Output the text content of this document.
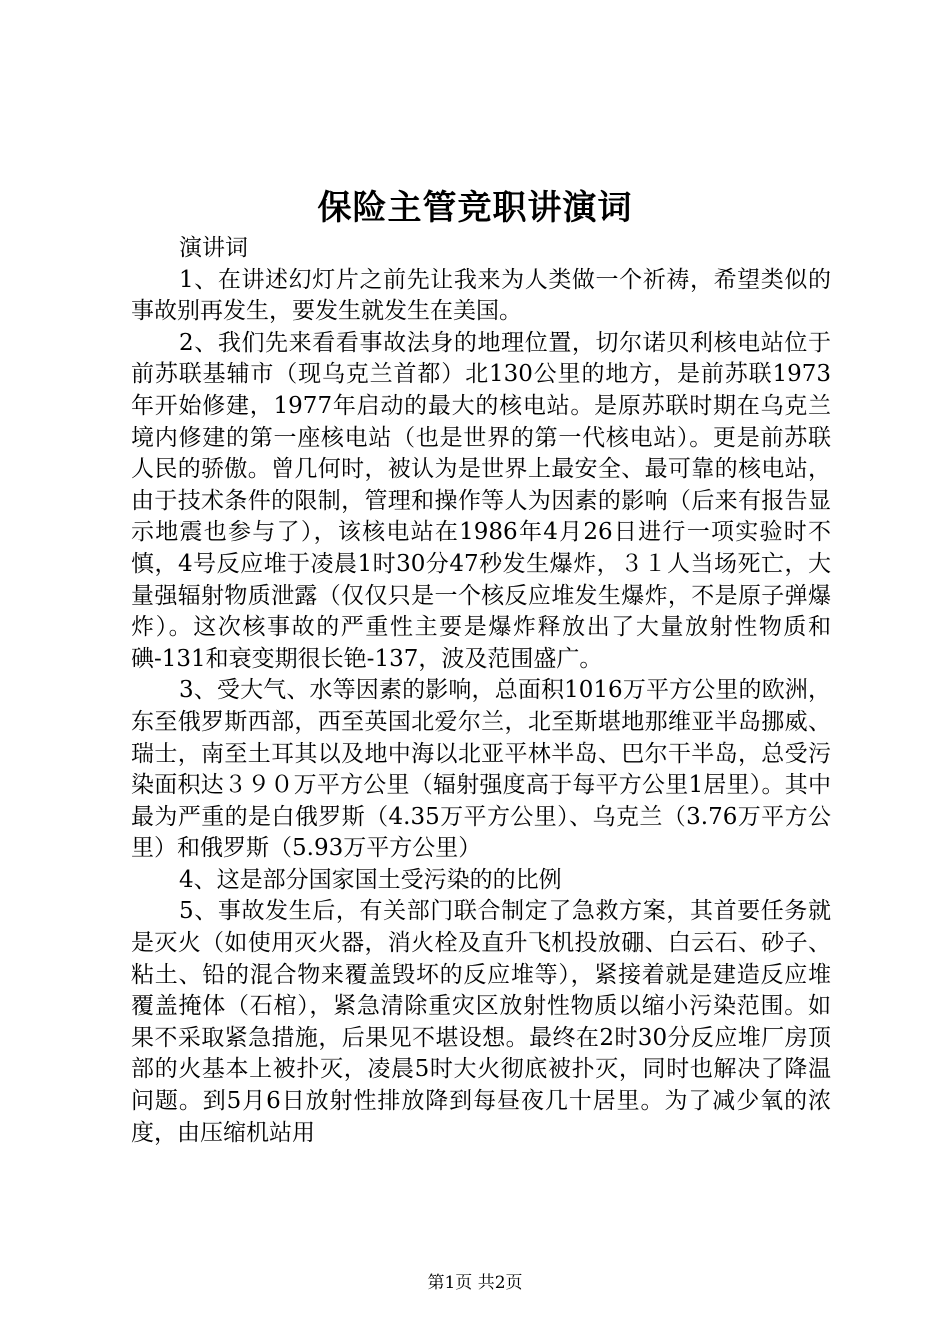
保险主管竞职讲演词

演讲词

1、在讲述幻灯片之前先让我来为人类做一个祈祷，希望类似的事故别再发生，要发生就发生在美国。

2、我们先来看看事故法身的地理位置，切尔诺贝利核电站位于前苏联基辅市（现乌克兰首都）北130公里的地方，是前苏联1973年开始修建，1977年启动的最大的核电站。是原苏联时期在乌克兰境内修建的第一座核电站（也是世界的第一代核电站）。更是前苏联人民的骄傲。曾几何时，被认为是世界上最安全、最可靠的核电站，由于技术条件的限制，管理和操作等人为因素的影响（后来有报告显示地震也参与了），该核电站在1986年4月26日进行一项实验时不慎，4号反应堆于凌晨1时30分47秒发生爆炸，３１人当场死亡，大量强辐射物质泄露（仅仅只是一个核反应堆发生爆炸，不是原子弹爆炸）。这次核事故的严重性主要是爆炸释放出了大量放射性物质和碘-131和衰变期很长铯-137，波及范围盛广。

3、受大气、水等因素的影响，总面积1016万平方公里的欧洲，东至俄罗斯西部，西至英国北爱尔兰，北至斯堪地那维亚半岛挪威、瑞士，南至土耳其以及地中海以北亚平林半岛、巴尔干半岛，总受污染面积达３９０万平方公里（辐射强度高于每平方公里1居里）。其中最为严重的是白俄罗斯（4.35万平方公里）、乌克兰（3.76万平方公里）和俄罗斯（5.93万平方公里）

4、这是部分国家国土受污染的的比例

5、事故发生后，有关部门联合制定了急救方案，其首要任务就是灭火（如使用灭火器，消火栓及直升飞机投放硼、白云石、砂子、粘土、铅的混合物来覆盖毁坏的反应堆等），紧接着就是建造反应堆覆盖掩体（石棺），紧急清除重灾区放射性物质以缩小污染范围。如果不采取紧急措施，后果见不堪设想。最终在2时30分反应堆厂房顶部的火基本上被扑灭，凌晨5时大火彻底被扑灭，同时也解决了降温问题。到5月6日放射性排放降到每昼夜几十居里。为了减少氧的浓度，由压缩机站用

第1页 共2页
